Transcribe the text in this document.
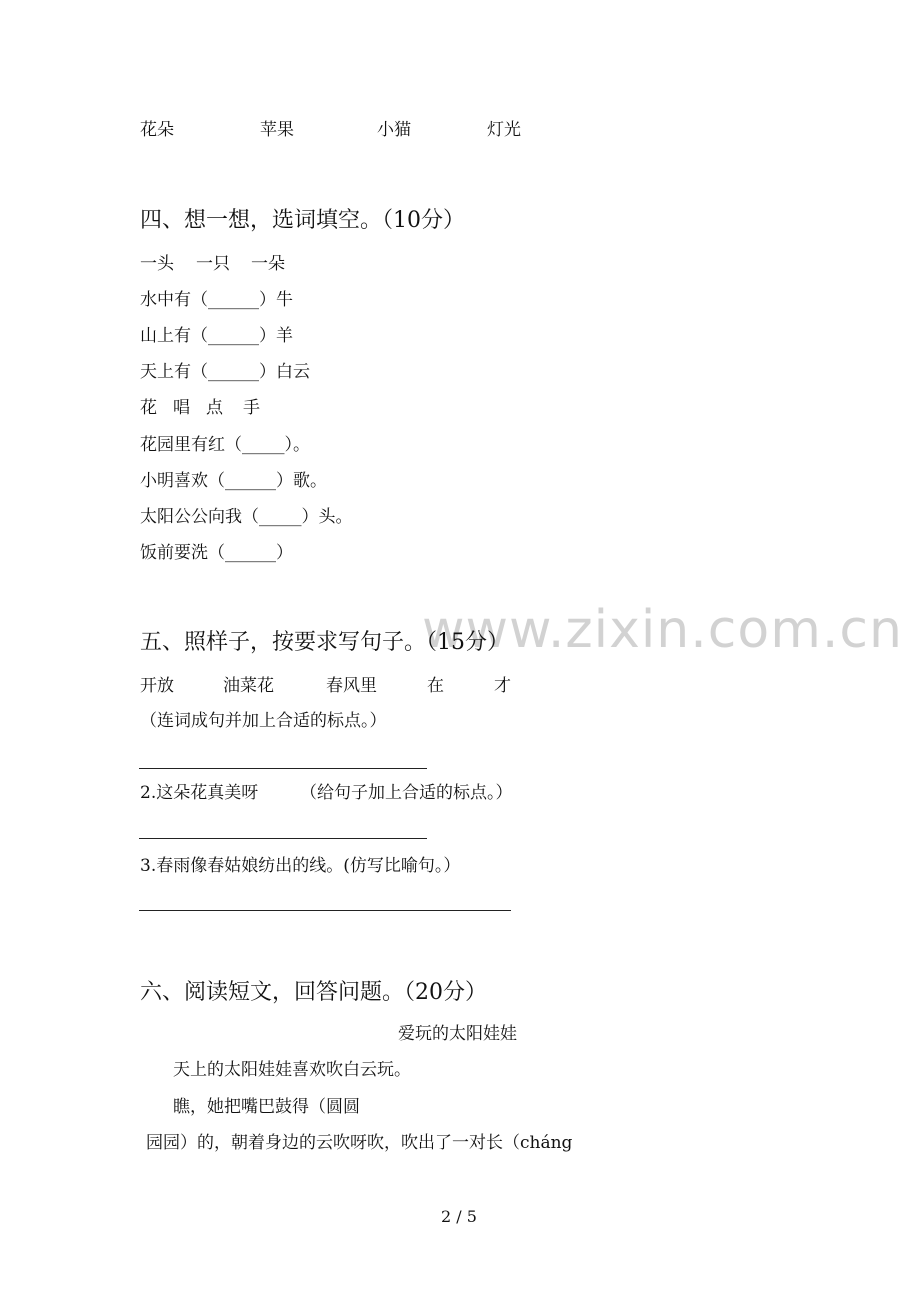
花朵	苹果	小猫	灯光
四、想一想，选词填空。（10分）
一头 一只 一朵
水中有（______）牛
山上有（______）羊
天上有（______）白云
花 唱 点 手
花园里有红（_____）。
小明喜欢（______）歌。
太阳公公向我（_____）头。
饭前要洗（______）
www.zixin.com.cn
五、照样子，按要求写句子。（15分）
开放	油菜花	春风里	在	才
（连词成句并加上合适的标点。）
2.这朵花真美呀 （给句子加上合适的标点。）
3.春雨像春姑娘纺出的线。(仿写比喻句。）
六、阅读短文，回答问题。（20分）
爱玩的太阳娃娃
天上的太阳娃娃喜欢吹白云玩。
瞧，她把嘴巴鼓得（圆圆
园园）的，朝着身边的云吹呀吹，吹出了一对长（cháng
2 / 5
